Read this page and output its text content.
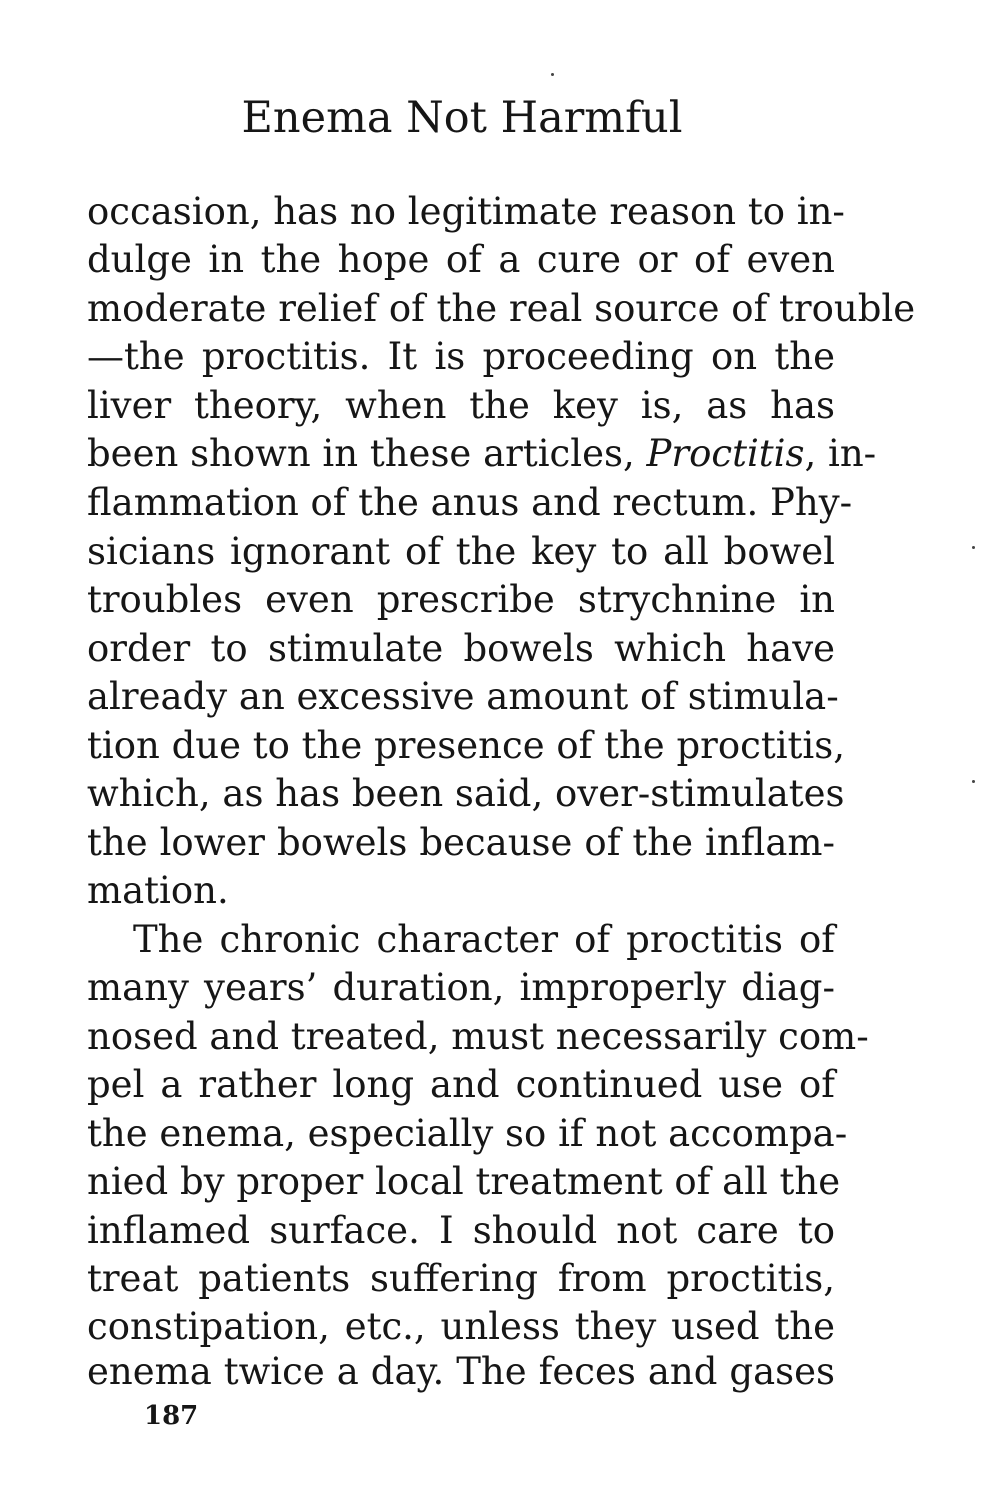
Enema Not Harmful
occasion, has no legitimate reason to in-
dulge in the hope of a cure or of even
moderate relief of the real source of trouble
—the proctitis. It is proceeding on the
liver theory, when the key is, as has
been shown in these articles, Proctitis, in-
flammation of the anus and rectum. Phy-
sicians ignorant of the key to all bowel
troubles even prescribe strychnine in
order to stimulate bowels which have
already an excessive amount of stimula-
tion due to the presence of the proctitis,
which, as has been said, over-stimulates
the lower bowels because of the inflam-
mation.
The chronic character of proctitis of
many years’ duration, improperly diag-
nosed and treated, must necessarily com-
pel a rather long and continued use of
the enema, especially so if not accompa-
nied by proper local treatment of all the
inflamed surface. I should not care to
treat patients suffering from proctitis,
constipation, etc., unless they used the
enema twice a day. The feces and gases
187
